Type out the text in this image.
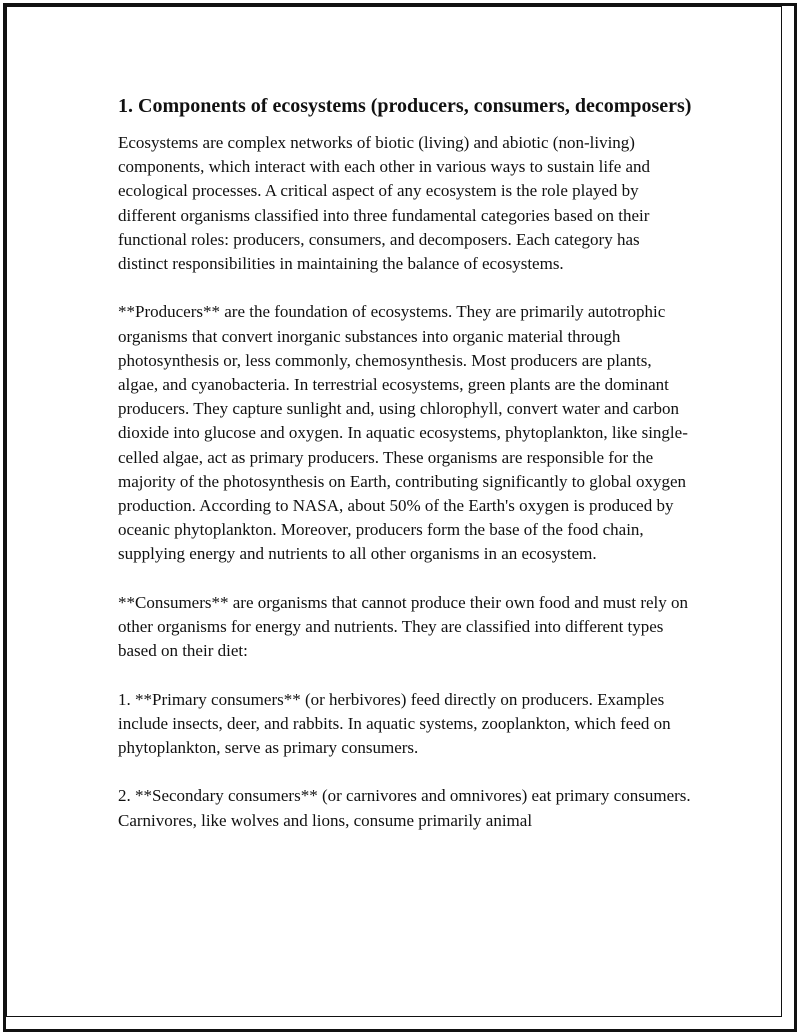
1. Components of ecosystems (producers, consumers, decomposers)

Ecosystems are complex networks of biotic (living) and abiotic (non-living) components, which interact with each other in various ways to sustain life and ecological processes. A critical aspect of any ecosystem is the role played by different organisms classified into three fundamental categories based on their functional roles: producers, consumers, and decomposers. Each category has distinct responsibilities in maintaining the balance of ecosystems.

**Producers** are the foundation of ecosystems. They are primarily autotrophic organisms that convert inorganic substances into organic material through photosynthesis or, less commonly, chemosynthesis. Most producers are plants, algae, and cyanobacteria. In terrestrial ecosystems, green plants are the dominant producers. They capture sunlight and, using chlorophyll, convert water and carbon dioxide into glucose and oxygen. In aquatic ecosystems, phytoplankton, like single-celled algae, act as primary producers. These organisms are responsible for the majority of the photosynthesis on Earth, contributing significantly to global oxygen production. According to NASA, about 50% of the Earth's oxygen is produced by oceanic phytoplankton. Moreover, producers form the base of the food chain, supplying energy and nutrients to all other organisms in an ecosystem.

**Consumers** are organisms that cannot produce their own food and must rely on other organisms for energy and nutrients. They are classified into different types based on their diet:

1. **Primary consumers** (or herbivores) feed directly on producers. Examples include insects, deer, and rabbits. In aquatic systems, zooplankton, which feed on phytoplankton, serve as primary consumers.

2. **Secondary consumers** (or carnivores and omnivores) eat primary consumers. Carnivores, like wolves and lions, consume primarily animal
